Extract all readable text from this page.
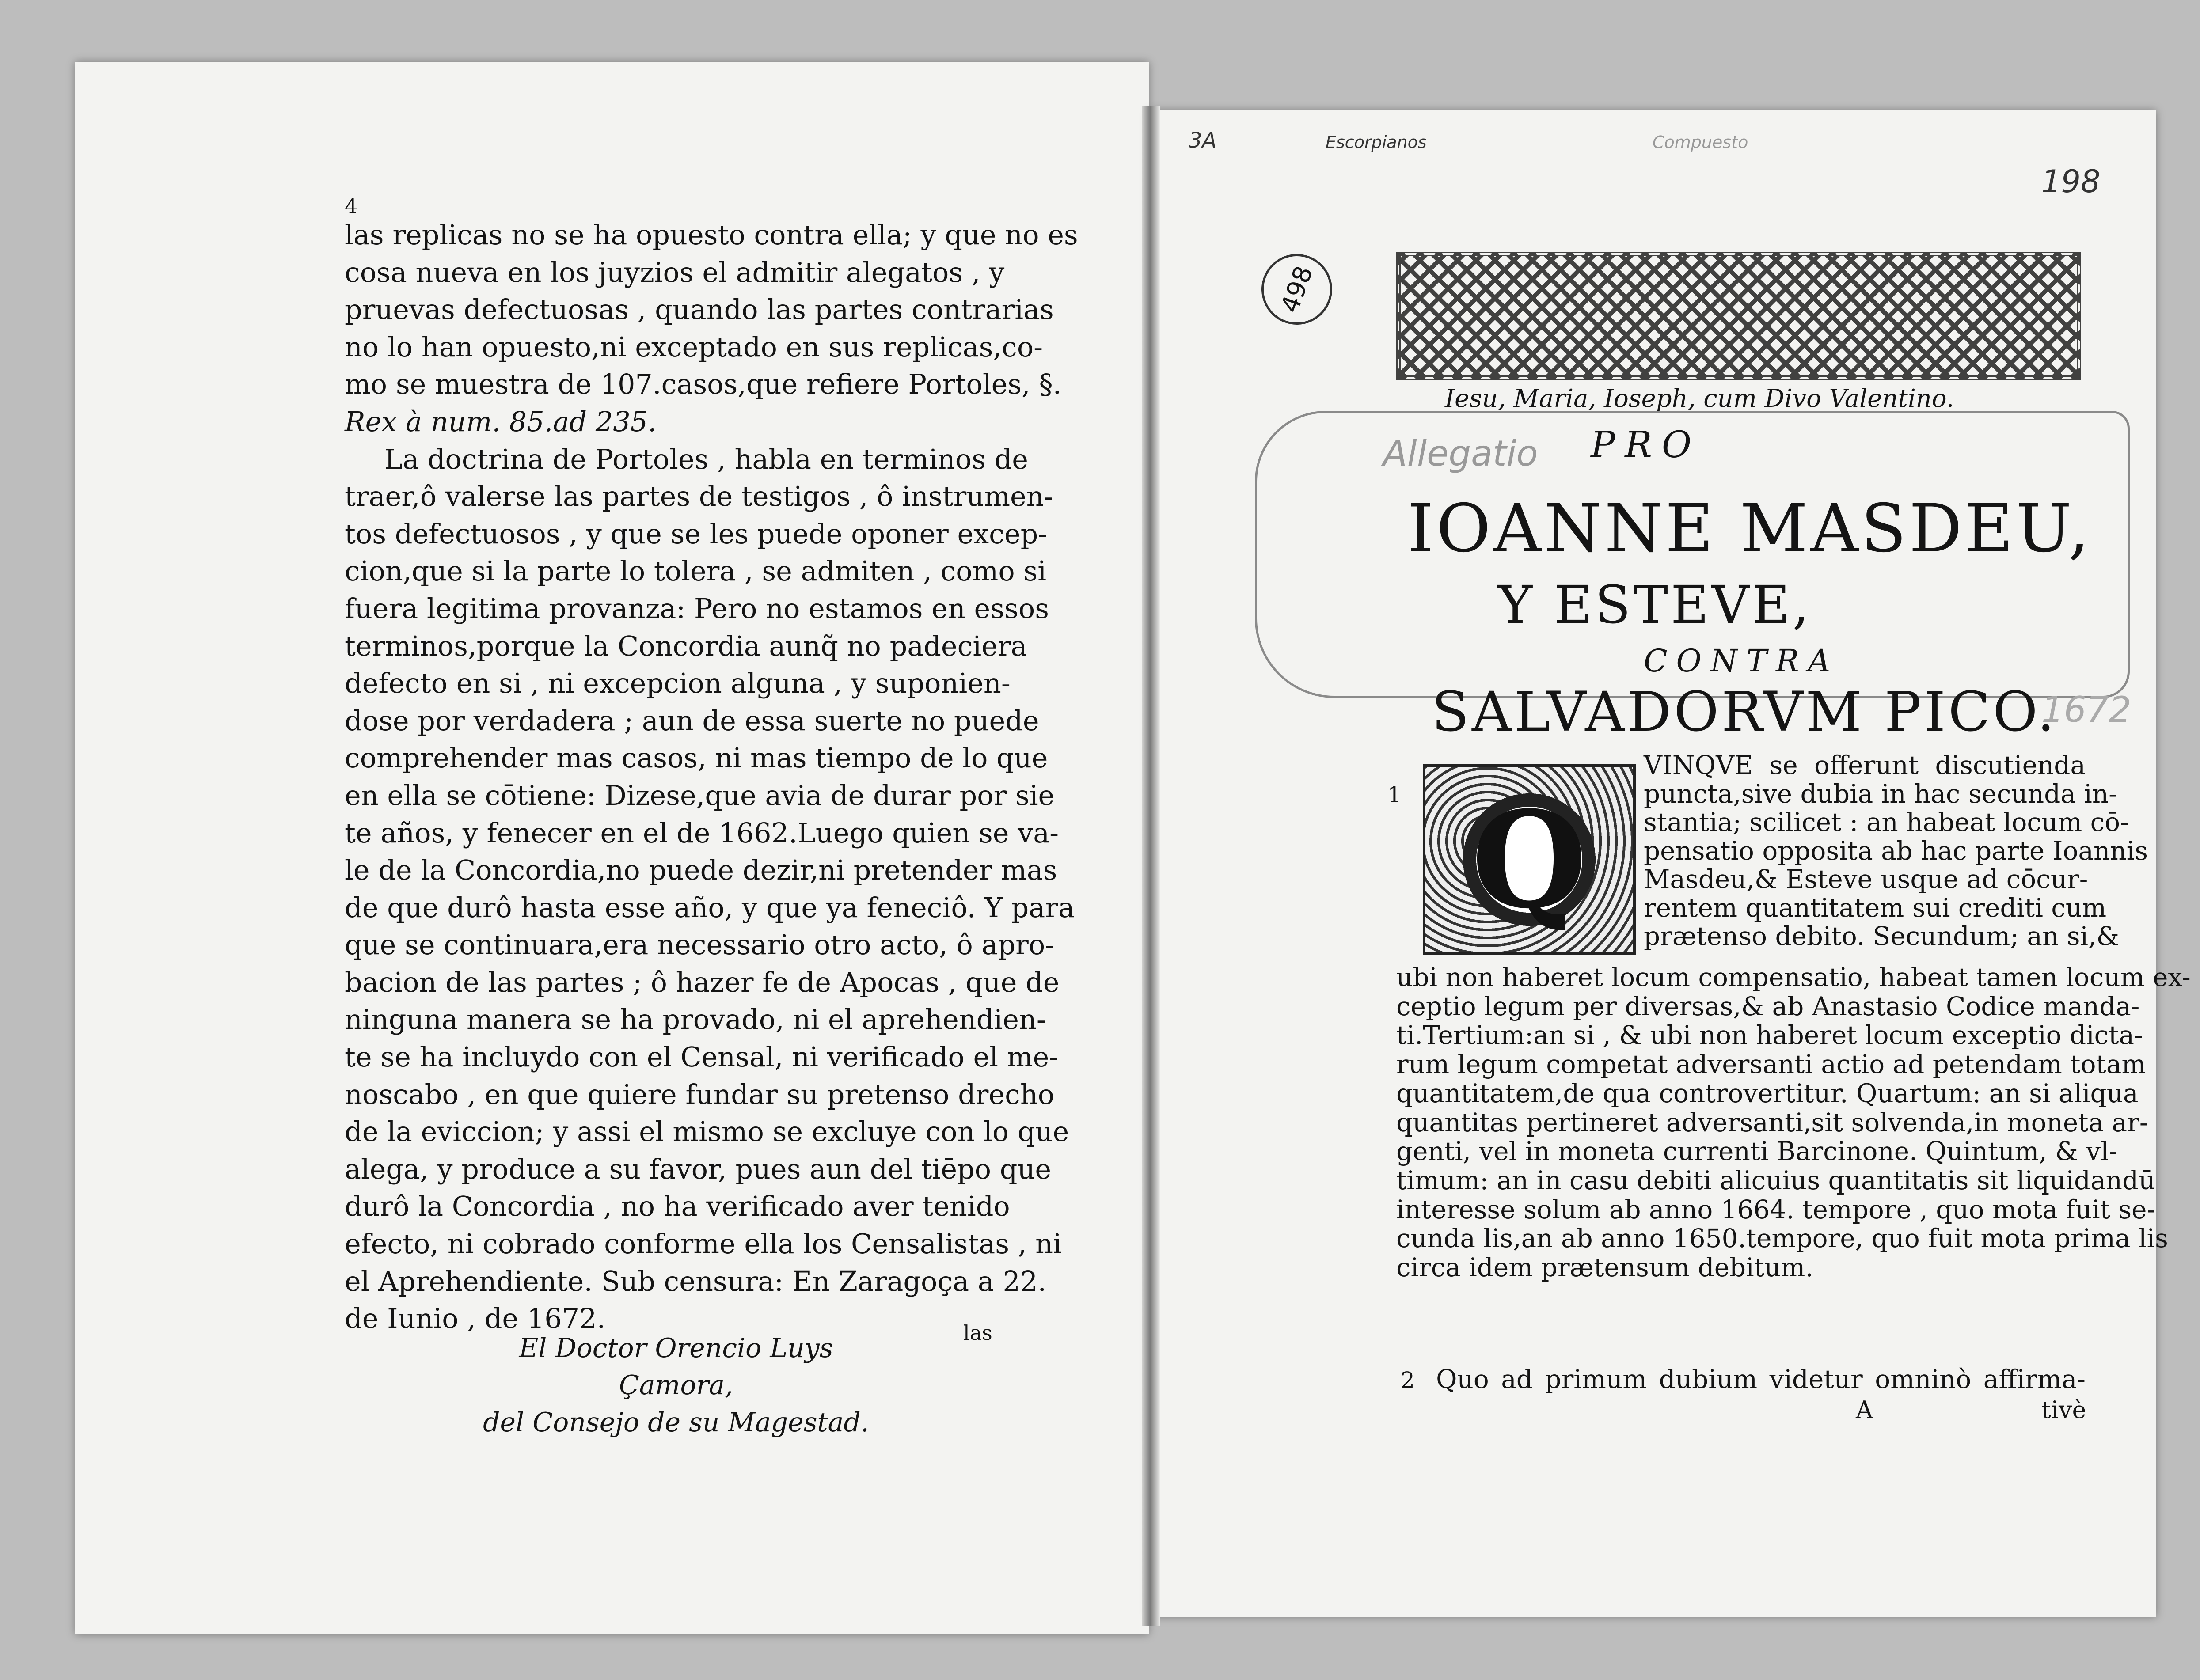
4
las replicas no se ha opuesto contra ella; y que no es
cosa nueva en los juyzios el admitir alegatos , y
pruevas defectuosas , quando las partes contrarias
no lo han opuesto,ni exceptado en sus replicas,co-
mo se muestra de 107.casos,que refiere Portoles, §.
Rex à num. 85.ad 235.
La doctrina de Portoles , habla en terminos de
traer,ô valerse las partes de testigos , ô instrumen-
tos defectuosos , y que se les puede oponer excep-
cion,que si la parte lo tolera , se admiten , como si
fuera legitima provanza: Pero no estamos en essos
terminos,porque la Concordia aunq̃ no padeciera
defecto en si , ni excepcion alguna , y suponien-
dose por verdadera ; aun de essa suerte no puede
comprehender mas casos, ni mas tiempo de lo que
en ella se cōtiene: Dizese,que avia de durar por sie
te años, y fenecer en el de 1662.Luego quien se va-
le de la Concordia,no puede dezir,ni pretender mas
de que durô hasta esse año, y que ya feneciô. Y para
que se continuara,era necessario otro acto, ô apro-
bacion de las partes ; ô hazer fe de Apocas , que de
ninguna manera se ha provado, ni el aprehendien-
te se ha incluydo con el Censal, ni verificado el me-
noscabo , en que quiere fundar su pretenso drecho
de la eviccion; y assi el mismo se excluye con lo que
alega, y produce a su favor, pues aun del tiēpo que
durô la Concordia , no ha verificado aver tenido
efecto, ni cobrado conforme ella los Censalistas , ni
el Aprehendiente. Sub censura: En Zaragoça a 22.
de Iunio , de 1672.
El Doctor Orencio Luys Çamora,
del Consejo de su Magestad.
las
3A	Escorpianos	Compuesto
198
498
Iesu, Maria, Ioseph, cum Divo Valentino.
Allegatio
1672
PRO
IOANNE MASDEU,
Y ESTEVE,
CONTRA
SALVADORVM PICO.
1 Q
VINQVE se offerunt discutienda
puncta,sive dubia in hac secunda in-
stantia; scilicet : an habeat locum cō-
pensatio opposita ab hac parte Ioannis
Masdeu,& Esteve usque ad cōcur-
rentem quantitatem sui crediti cum
prætenso debito. Secundum; an si,&
ubi non haberet locum compensatio, habeat tamen locum ex-
ceptio legum per diversas,& ab Anastasio Codice manda-
ti.Tertium:an si , & ubi non haberet locum exceptio dicta-
rum legum competat adversanti actio ad petendam totam
quantitatem,de qua controvertitur. Quartum: an si aliqua
quantitas pertineret adversanti,sit solvenda,in moneta ar-
genti, vel in moneta currenti Barcinone. Quintum, & vl-
timum: an in casu debiti alicuius quantitatis sit liquidandū
interesse solum ab anno 1664. tempore , quo mota fuit se-
cunda lis,an ab anno 1650.tempore, quo fuit mota prima lis
circa idem prætensum debitum.
2 Quo ad primum dubium videtur omninò affirma-
A	tivè
